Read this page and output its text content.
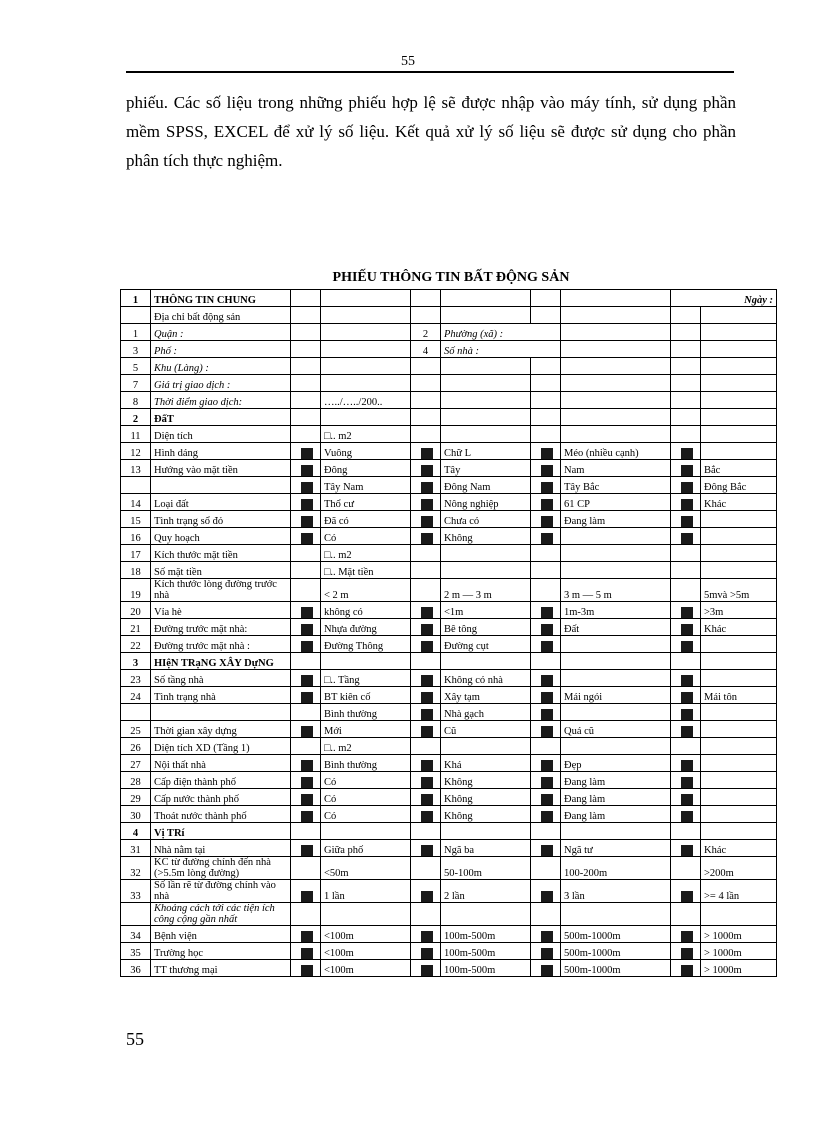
55
phiếu. Các số liệu trong những phiếu hợp lệ sẽ được nhập vào máy tính, sử dụng phần mềm SPSS, EXCEL để xử lý số liệu. Kết quả xử lý số liệu sẽ được sử dụng cho phần phân tích thực nghiệm.
PHIẾU THÔNG TIN BẤT ĐỘNG SẢN
1	THÔNG TIN CHUNG							Ngày :		
	Địa chỉ bất động sản									
1	Quận :			2	Phường (xã) :					
3	Phố :			4	Số nhà :					
5	Khu (Làng) :									
7	Giá trị giao dịch :									
8	Thời điểm giao dịch:		…../…../200..							
2	ĐấT									
11	Diện tích		□.. m2							
12	Hình dáng		Vuông		Chữ L		Méo (nhiều cạnh)			
13	Hướng vào mặt tiền		Đông		Tây		Nam		Bắc	
			Tây Nam		Đông Nam		Tây Bắc		Đông Bắc	
14	Loại đất		Thổ cư		Nông nghiệp		61 CP		Khác	
15	Tình trạng sổ đỏ		Đã có		Chưa có		Đang làm			
16	Quy hoạch		Có		Không					
17	Kích thước mặt tiền		□.. m2							
18	Số mặt tiền		□.. Mặt tiền							
19	Kích thước lòng đường trước nhà		< 2 m		2 m — 3 m		3 m — 5 m		5mvà >5m	
20	Vỉa hè		không có		<1m		1m-3m		>3m	
21	Đường trước mặt nhà:		Nhựa đường		Bê tông		Đất		Khác	
22	Đường trước mặt nhà :		Đường Thông		Đường cụt					
3	HIệN TRạNG XÂY DựNG									
23	Số tầng nhà		□.. Tầng		Không có nhà					
24	Tình trạng nhà		BT kiên cố		Xây tạm		Mái ngói		Mái tôn	
			Bình thường		Nhà gạch					
25	Thời gian xây dựng		Mới		Cũ		Quá cũ			
26	Diện tích XD (Tầng 1)		□.. m2							
27	Nội thất nhà		Bình thường		Khá		Đẹp			
28	Cấp điện thành phố		Có		Không		Đang làm			
29	Cấp nước thành phố		Có		Không		Đang làm			
30	Thoát nước thành phố		Có		Không		Đang làm			
4	Vị TRí									
31	Nhà nằm tại		Giữa phố		Ngã ba		Ngã tư		Khác	
32	KC từ đường chính đến nhà (>5.5m lòng đường)		<50m		50-100m		100-200m		>200m	
33	Số lần rẽ từ đường chính vào nhà		1 lần		2 lần		3 lần		>= 4 lần	
	Khoảng cách tới các tiện ích công cộng gần nhất									
34	Bệnh viện		<100m		100m-500m		500m-1000m		> 1000m	
35	Trường học		<100m		100m-500m		500m-1000m		> 1000m	
36	TT thương mại		<100m		100m-500m		500m-1000m		> 1000m	
55
